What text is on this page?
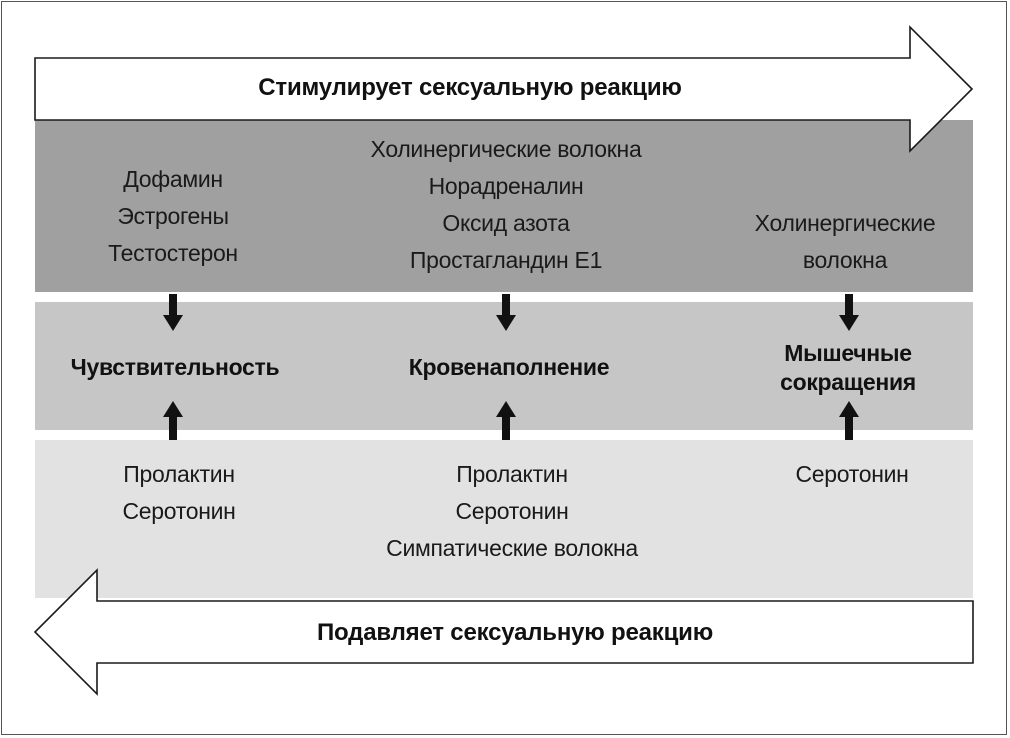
Стимулирует сексуальную реакцию
Подавляет сексуальную реакцию
Дофамин
Эстрогены
Тестостерон
Холинергические волокна
Норадреналин
Оксид азота
Простагландин Е1
Холинергические
волокна
Чувствительность	Кровенаполнение
Мышечные
сокращения
Пролактин
Серотонин
Пролактин
Серотонин
Симпатические волокна
Серотонин
